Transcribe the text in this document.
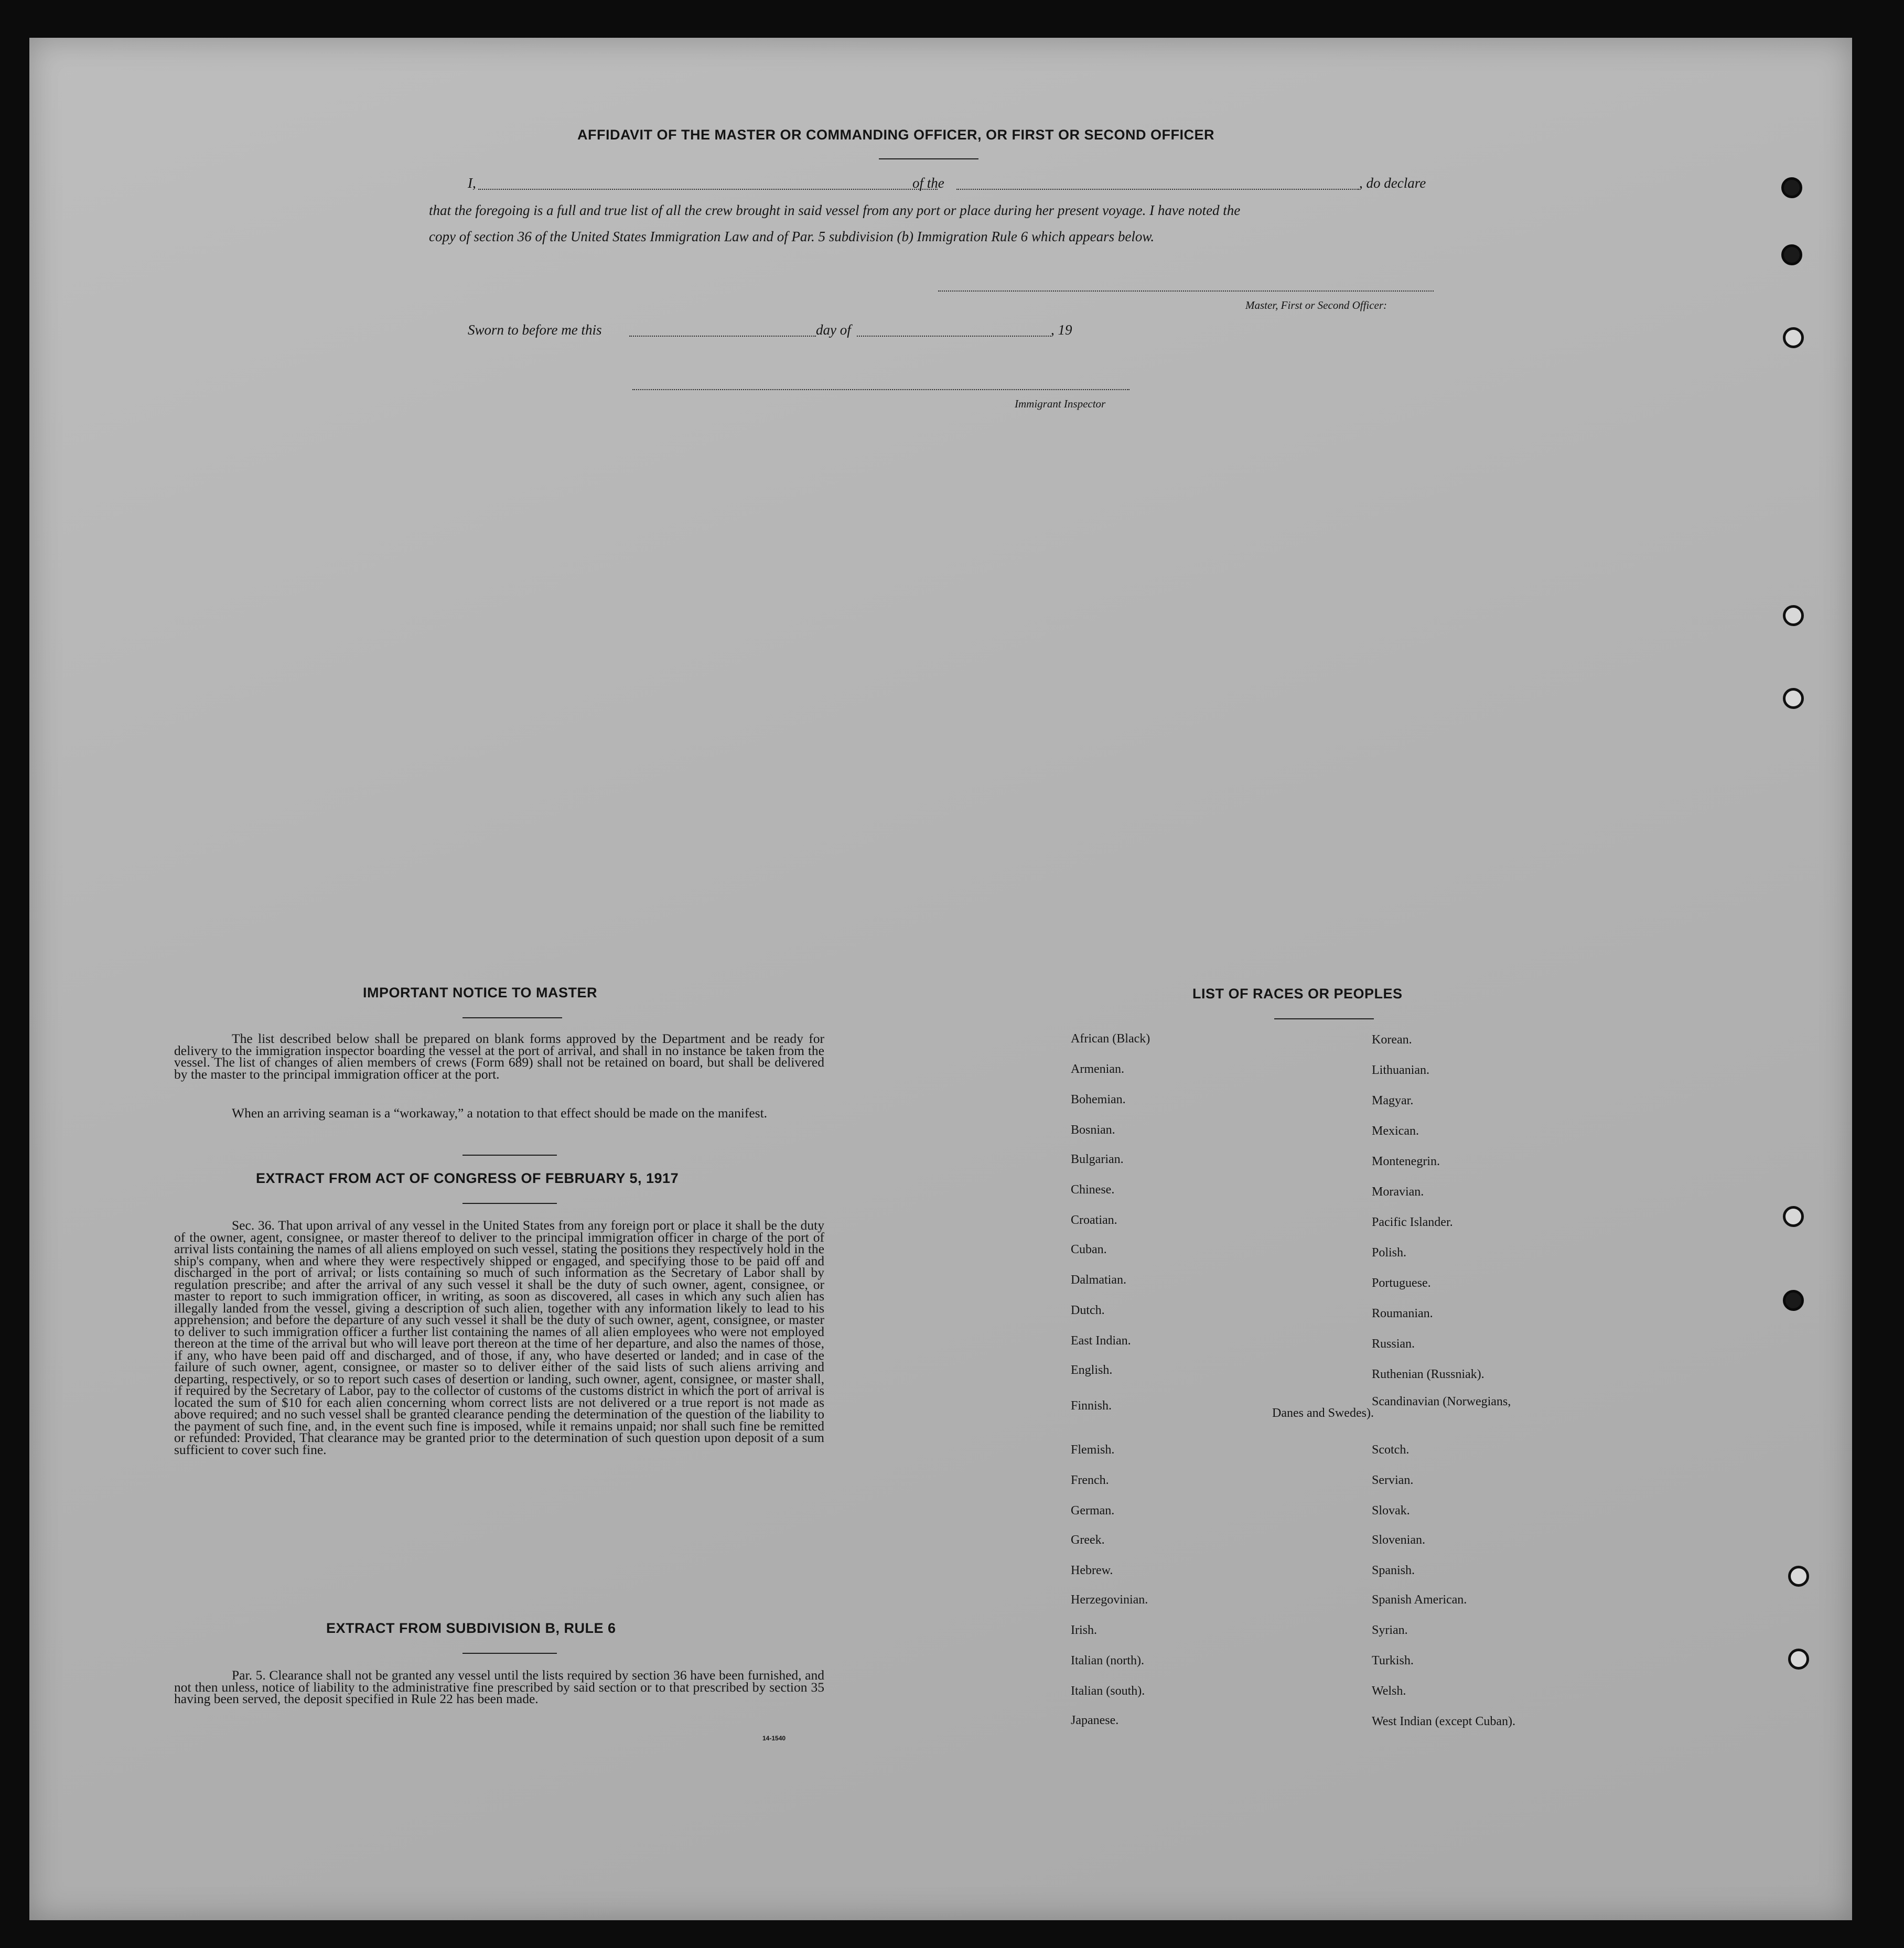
AFFIDAVIT OF THE MASTER OR COMMANDING OFFICER, OR FIRST OR SECOND OFFICER
I,	of the	, do declare
that the foregoing is a full and true list of all the crew brought in said vessel from any port or place during her present voyage. I have noted the
copy of section 36 of the United States Immigration Law and of Par. 5 subdivision (b) Immigration Rule 6 which appears below.
Master, First or Second Officer:
Sworn to before me this	day of	, 19
Immigrant Inspector
IMPORTANT NOTICE TO MASTER
The list described below shall be prepared on blank forms approved by the Department and be ready for delivery to the immigration inspector boarding the vessel at the port of arrival, and shall in no instance be taken from the vessel. The list of changes of alien members of crews (Form 689) shall not be retained on board, but shall be delivered by the master to the principal immigration officer at the port.
When an arriving seaman is a “workaway,” a notation to that effect should be made on the manifest.
EXTRACT FROM ACT OF CONGRESS OF FEBRUARY 5, 1917
Sec. 36. That upon arrival of any vessel in the United States from any foreign port or place it shall be the duty of the owner, agent, consignee, or master thereof to deliver to the principal immigration officer in charge of the port of arrival lists containing the names of all aliens employed on such vessel, stating the positions they respectively hold in the ship's company, when and where they were respectively shipped or engaged, and specifying those to be paid off and discharged in the port of arrival; or lists containing so much of such information as the Secretary of Labor shall by regulation prescribe; and after the arrival of any such vessel it shall be the duty of such owner, agent, consignee, or master to report to such immigration officer, in writing, as soon as discovered, all cases in which any such alien has illegally landed from the vessel, giving a description of such alien, together with any information likely to lead to his apprehension; and before the departure of any such vessel it shall be the duty of such owner, agent, consignee, or master to deliver to such immigration officer a further list containing the names of all alien employees who were not employed thereon at the time of the arrival but who will leave port thereon at the time of her departure, and also the names of those, if any, who have been paid off and discharged, and of those, if any, who have deserted or landed; and in case of the failure of such owner, agent, consignee, or master so to deliver either of the said lists of such aliens arriving and departing, respectively, or so to report such cases of desertion or landing, such owner, agent, consignee, or master shall, if required by the Secretary of Labor, pay to the collector of customs of the customs district in which the port of arrival is located the sum of $10 for each alien concerning whom correct lists are not delivered or a true report is not made as above required; and no such vessel shall be granted clearance pending the determination of the question of the liability to the payment of such fine, and, in the event such fine is imposed, while it remains unpaid; nor shall such fine be remitted or refunded: Provided, That clearance may be granted prior to the determination of such question upon deposit of a sum sufficient to cover such fine.
EXTRACT FROM SUBDIVISION B, RULE 6
Par. 5. Clearance shall not be granted any vessel until the lists required by section 36 have been furnished, and not then unless, notice of liability to the administrative fine prescribed by said section or to that prescribed by section 35 having been served, the deposit specified in Rule 22 has been made.
14-1540
LIST OF RACES OR PEOPLES
African (Black)
Armenian.
Bohemian.
Bosnian.
Bulgarian.
Chinese.
Croatian.
Cuban.
Dalmatian.
Dutch.
East Indian.
English.
Finnish.
Flemish.
French.
German.
Greek.
Hebrew.
Herzegovinian.
Irish.
Italian (north).
Italian (south).
Japanese.
Korean.
Lithuanian.
Magyar.
Mexican.
Montenegrin.
Moravian.
Pacific Islander.
Polish.
Portuguese.
Roumanian.
Russian.
Ruthenian (Russniak).
Scandinavian (Norwegians,
Scotch.
Servian.
Slovak.
Slovenian.
Spanish.
Spanish American.
Syrian.
Turkish.
Welsh.
West Indian (except Cuban).
Danes and Swedes).
